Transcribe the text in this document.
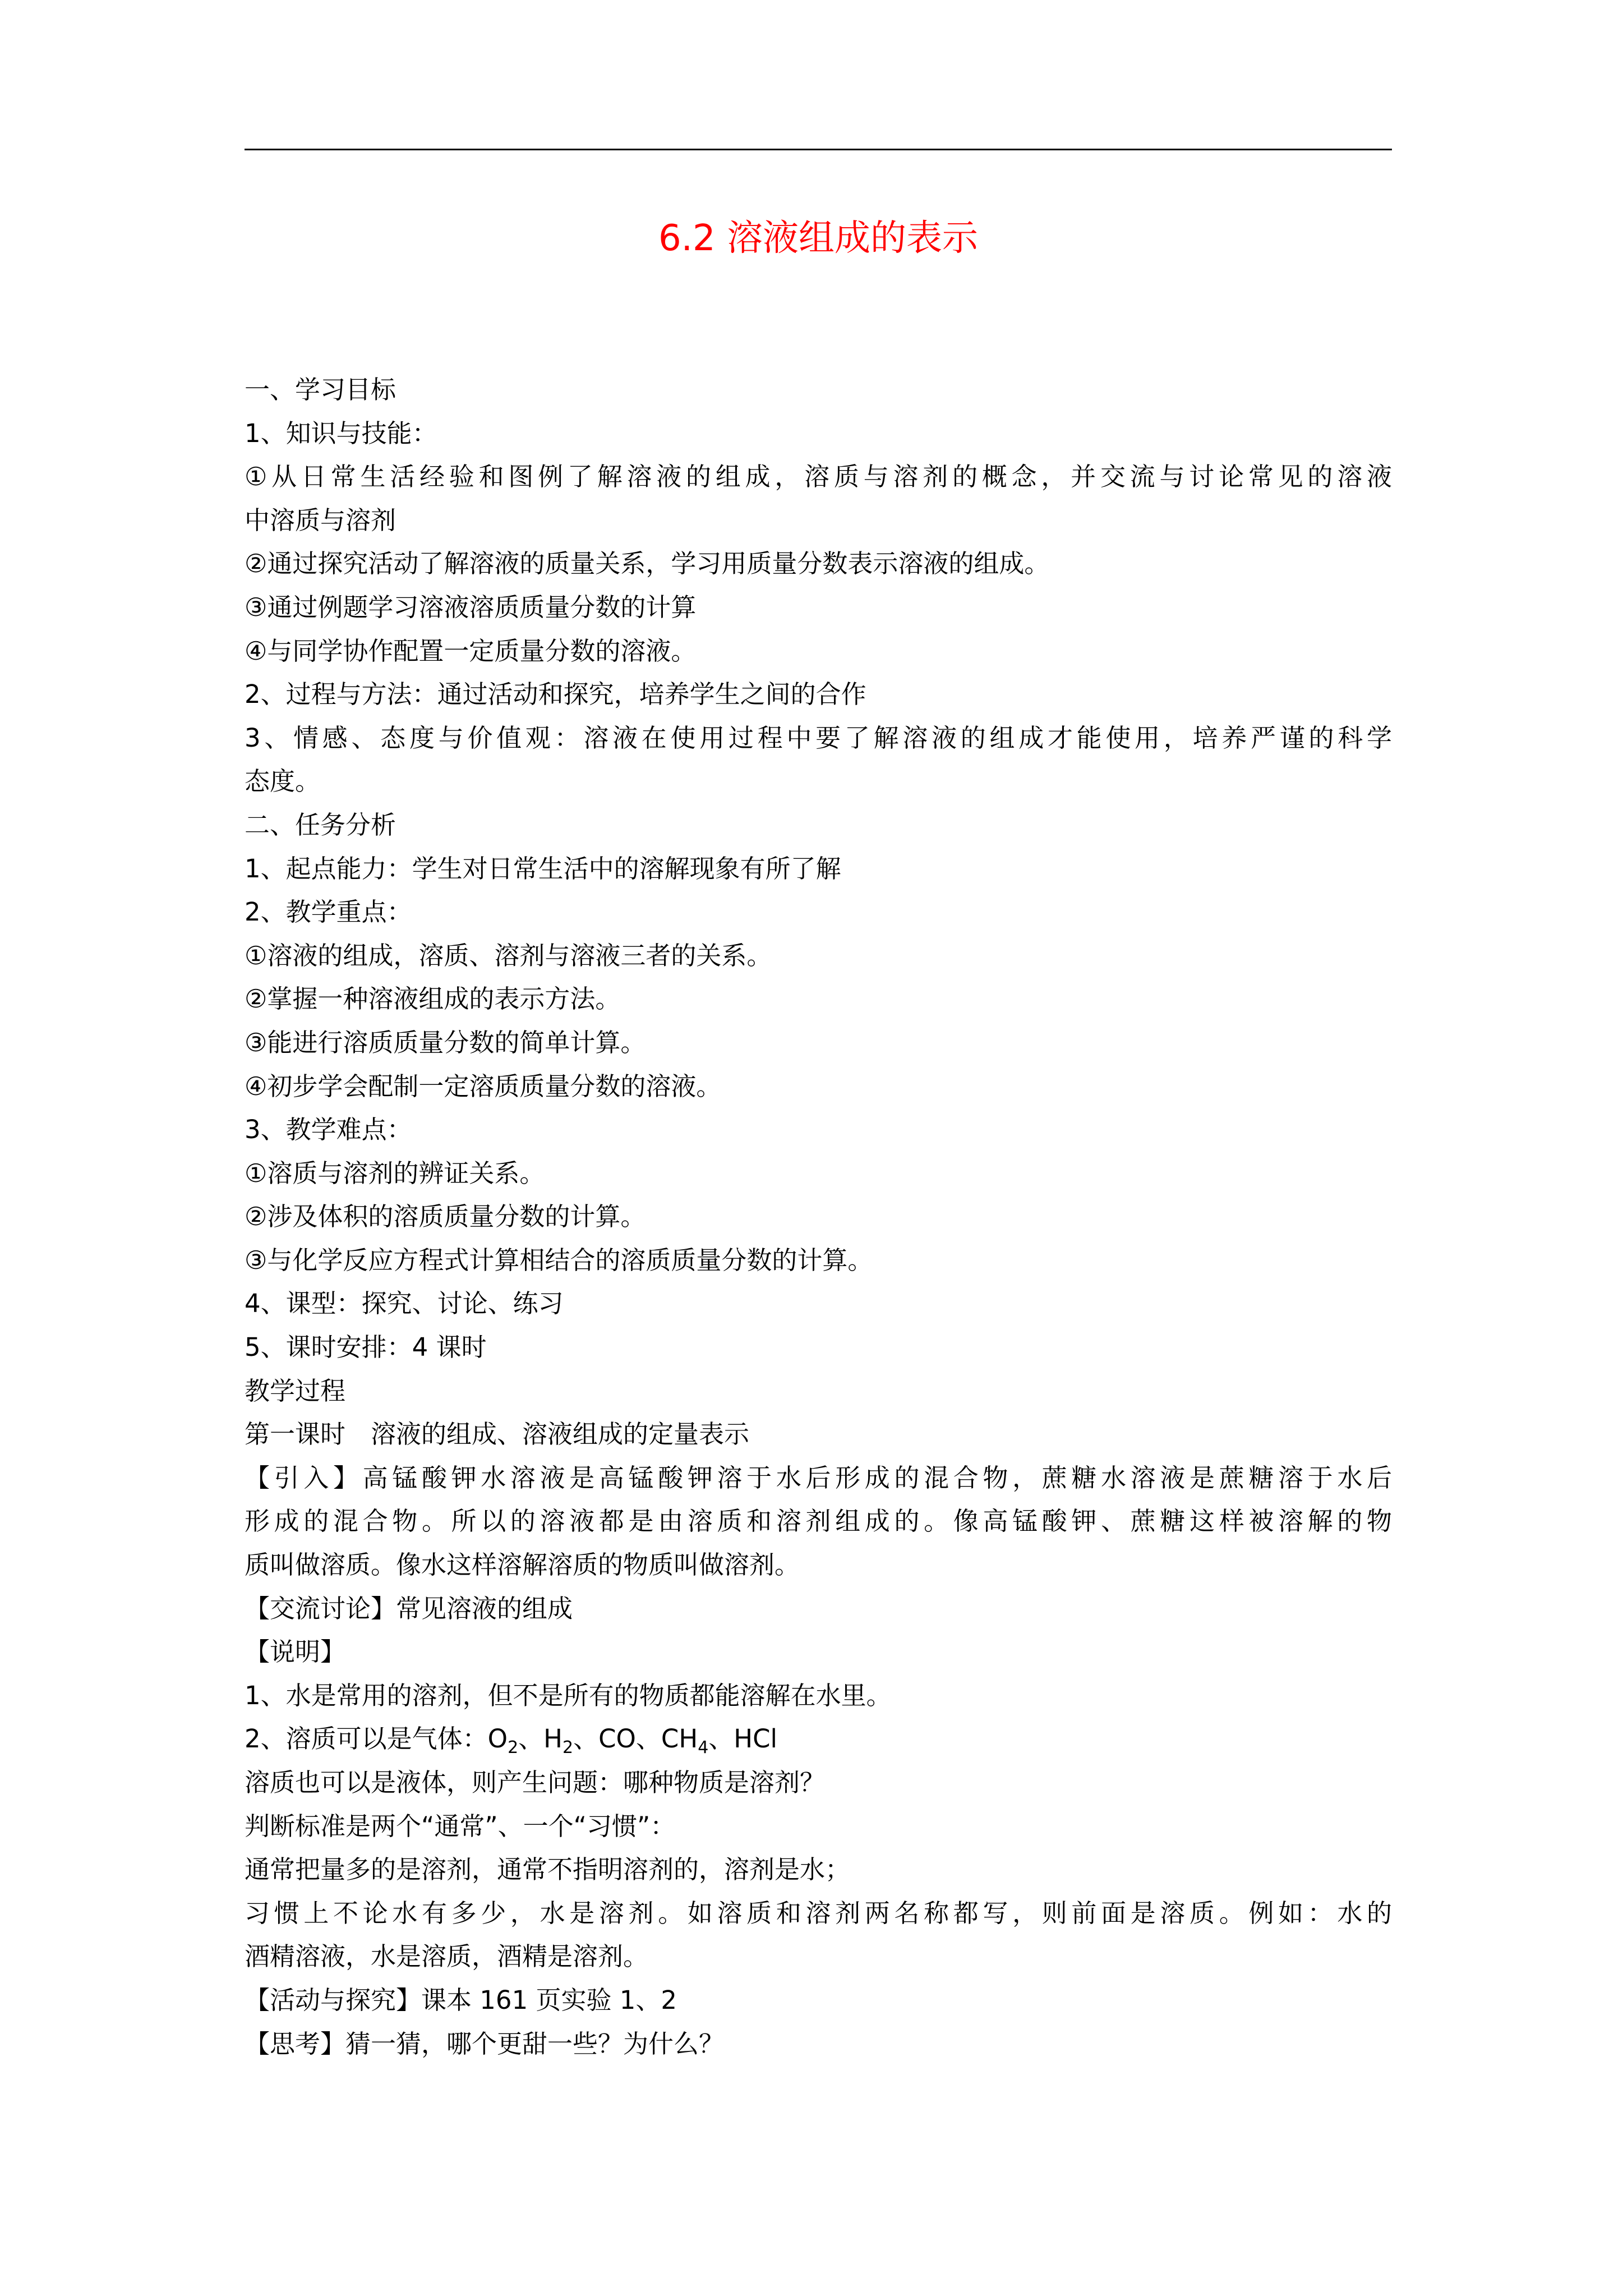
6.2 溶液组成的表示
一、学习目标
1、知识与技能：
①从日常生活经验和图例了解溶液的组成，溶质与溶剂的概念，并交流与讨论常见的溶液
中溶质与溶剂
②通过探究活动了解溶液的质量关系，学习用质量分数表示溶液的组成。
③通过例题学习溶液溶质质量分数的计算
④与同学协作配置一定质量分数的溶液。
2、过程与方法：通过活动和探究，培养学生之间的合作
3、情感、态度与价值观：溶液在使用过程中要了解溶液的组成才能使用，培养严谨的科学
态度。
二、任务分析
1、起点能力：学生对日常生活中的溶解现象有所了解
2、教学重点：
①溶液的组成，溶质、溶剂与溶液三者的关系。
②掌握一种溶液组成的表示方法。
③能进行溶质质量分数的简单计算。
④初步学会配制一定溶质质量分数的溶液。
3、教学难点：
①溶质与溶剂的辨证关系。
②涉及体积的溶质质量分数的计算。
③与化学反应方程式计算相结合的溶质质量分数的计算。
4、课型：探究、讨论、练习
5、课时安排：4 课时
教学过程
第一课时　溶液的组成、溶液组成的定量表示
【引入】高锰酸钾水溶液是高锰酸钾溶于水后形成的混合物，蔗糖水溶液是蔗糖溶于水后
形成的混合物。所以的溶液都是由溶质和溶剂组成的。像高锰酸钾、蔗糖这样被溶解的物
质叫做溶质。像水这样溶解溶质的物质叫做溶剂。
【交流讨论】常见溶液的组成
【说明】
1、水是常用的溶剂，但不是所有的物质都能溶解在水里。
2、溶质可以是气体：$O_2$、$H_2$、CO、$CH_4$、HCl
溶质也可以是液体，则产生问题：哪种物质是溶剂？
判断标准是两个“通常”、一个“习惯”：
通常把量多的是溶剂，通常不指明溶剂的，溶剂是水；
习惯上不论水有多少，水是溶剂。如溶质和溶剂两名称都写，则前面是溶质。例如：水的
酒精溶液，水是溶质，酒精是溶剂。
【活动与探究】课本 161 页实验 1、2
【思考】猜一猜，哪个更甜一些？为什么？
